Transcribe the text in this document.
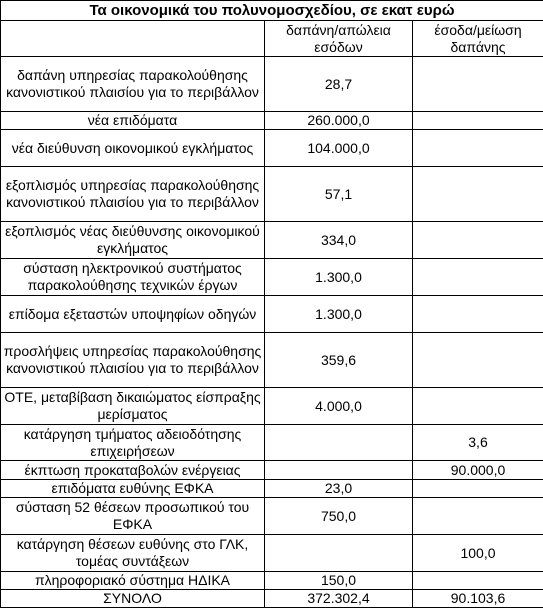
Τα οικονομικά του πολυνομοσχεδίου, σε εκατ ευρώ		
	δαπάνη/απώλεια εσόδων	έσοδα/μείωση δαπάνης
δαπάνη υπηρεσίας παρακολούθησης κανονιστικού πλαισίου για το περιβάλλον	28,7	
νέα επιδόματα	260.000,0	
νέα διεύθυνση οικονομικού εγκλήματος	104.000,0	
εξοπλισμός υπηρεσίας παρακολούθησης κανονιστικού πλαισίου για το περιβάλλον	57,1	
εξοπλισμός νέας διεύθυνσης οικονομικού εγκλήματος	334,0	
σύσταση ηλεκτρονικού συστήματος παρακολούθησης τεχνικών έργων	1.300,0	
επίδομα εξεταστών υποψηφίων οδηγών	1.300,0	
προσλήψεις υπηρεσίας παρακολούθησης κανονιστικού πλαισίου για το περιβάλλον	359,6	
ΟΤΕ, μεταβίβαση δικαιώματος είσπραξης μερίσματος	4.000,0	
κατάργηση τμήματος αδειοδότησης επιχειρήσεων		3,6
έκπτωση προκαταβολών ενέργειας		90.000,0
επιδόματα ευθύνης ΕΦΚΑ	23,0	
σύσταση 52 θέσεων προσωπικού του ΕΦΚΑ	750,0	
κατάργηση θέσεων ευθύνης στο ΓΛΚ, τομέας συντάξεων		100,0
πληροφοριακό σύστημα ΗΔΙΚΑ	150,0	
ΣΥΝΟΛΟ	372.302,4	90.103,6
